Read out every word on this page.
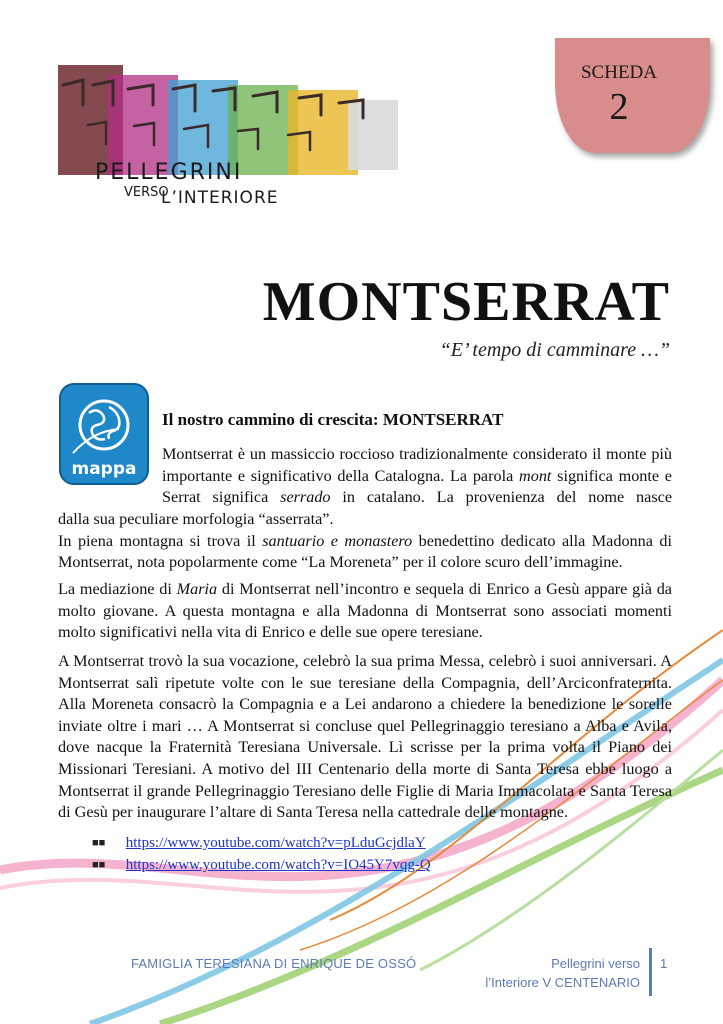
PELLEGRINI
VERSO
L’INTERIORE
SCHEDA
2
MONTSERRAT
“E’ tempo di camminare …”
mappa
Il nostro cammino di crescita: MONTSERRAT
Montserrat è un massiccio roccioso tradizionalmente considerato il monte più importante e significativo della Catalogna. La parola mont significa monte e Serrat significa serrado in catalano. La provenienza del nome nasce

dalla sua peculiare morfologia “asserrata”.

In piena montagna si trova il santuario e monastero benedettino dedicato alla Madonna di Montserrat, nota popolarmente come “La Moreneta” per il colore scuro dell’immagine.

La mediazione di Maria di Montserrat nell’incontro e sequela di Enrico a Gesù appare già da molto giovane. A questa montagna e alla Madonna di Montserrat sono associati momenti molto significativi nella vita di Enrico e delle sue opere teresiane.
A Montserrat trovò la sua vocazione, celebrò la sua prima Messa, celebrò i suoi anniversari. A Montserrat salì ripetute volte con le sue teresiane della Compagnia, dell’Arciconfraternita. Alla Moreneta consacrò la Compagnia e a Lei andarono a chiedere la benedizione le sorelle inviate oltre i mari … A Montserrat si concluse quel Pellegrinaggio teresiano a Alba e Avila, dove nacque la Fraternità Teresiana Universale. Lì scrisse per la prima volta il Piano dei Missionari Teresiani. A motivo del III Centenario della morte di Santa Teresa ebbe luogo a Montserrat il grande Pellegrinaggio Teresiano delle Figlie di Maria Immacolata e Santa Teresa di Gesù per inaugurare l’altare di Santa Teresa nella cattedrale delle montagne.
■■ https://www.youtube.com/watch?v=pLduGcjdlaY
■■ https://www.youtube.com/watch?v=IO45Y7vqg-Q
FAMIGLIA TERESIANA DI ENRIQUE DE OSSÓ	Pellegrini verso
l’Interiore V CENTENARIO
1
